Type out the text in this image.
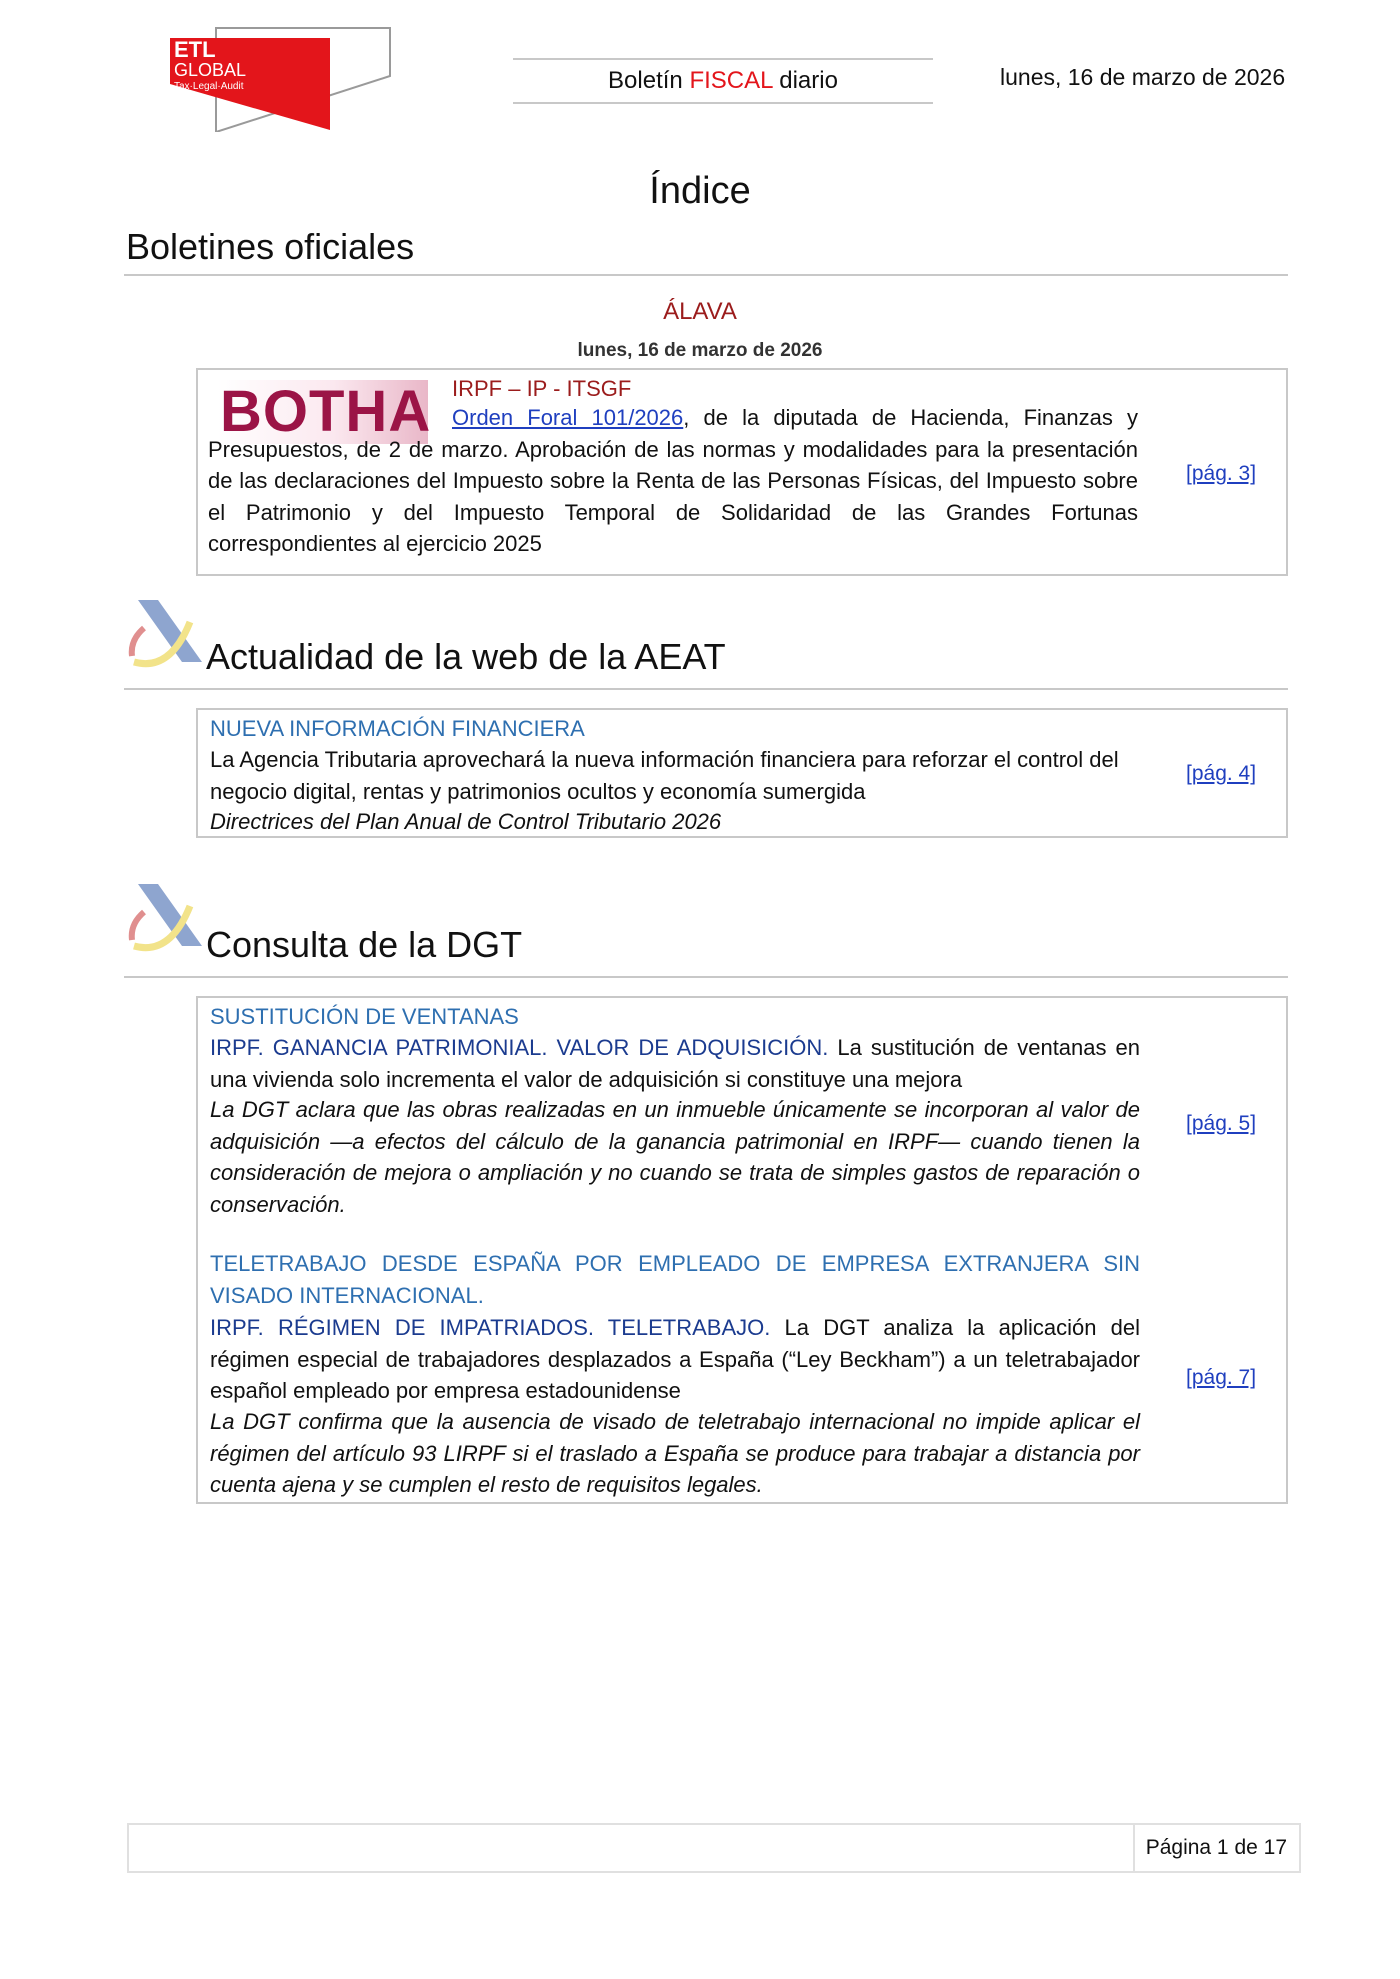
ETL
GLOBAL
Tax·Legal·Audit	Boletín FISCAL diario	lunes, 16 de marzo de 2026
Índice
Boletines oficiales
ÁLAVA
lunes, 16 de marzo de 2026
BOTHA IRPF – IP - ITSGF
Orden Foral 101/2026, de la diputada de Hacienda, Finanzas y Presupuestos, de 2 de marzo. Aprobación de las normas y modalidades para la presentación de las declaraciones del Impuesto sobre la Renta de las Personas Físicas, del Impuesto sobre el Patrimonio y del Impuesto Temporal de Solidaridad de las Grandes Fortunas correspondientes al ejercicio 2025
[pág. 3]
Actualidad de la web de la AEAT
NUEVA INFORMACIÓN FINANCIERA
La Agencia Tributaria aprovechará la nueva información financiera para reforzar el control del negocio digital, rentas y patrimonios ocultos y economía sumergida
Directrices del Plan Anual de Control Tributario 2026
[pág. 4]
Consulta de la DGT
SUSTITUCIÓN DE VENTANAS
IRPF. GANANCIA PATRIMONIAL. VALOR DE ADQUISICIÓN. La sustitución de ventanas en una vivienda solo incrementa el valor de adquisición si constituye una mejora
La DGT aclara que las obras realizadas en un inmueble únicamente se incorporan al valor de adquisición —a efectos del cálculo de la ganancia patrimonial en IRPF— cuando tienen la consideración de mejora o ampliación y no cuando se trata de simples gastos de reparación o conservación.
[pág. 5]
TELETRABAJO DESDE ESPAÑA POR EMPLEADO DE EMPRESA EXTRANJERA SIN VISADO INTERNACIONAL.
IRPF. RÉGIMEN DE IMPATRIADOS. TELETRABAJO. La DGT analiza la aplicación del régimen especial de trabajadores desplazados a España (“Ley Beckham”) a un teletrabajador español empleado por empresa estadounidense
La DGT confirma que la ausencia de visado de teletrabajo internacional no impide aplicar el régimen del artículo 93 LIRPF si el traslado a España se produce para trabajar a distancia por cuenta ajena y se cumplen el resto de requisitos legales.
[pág. 7]
Página 1 de 17
